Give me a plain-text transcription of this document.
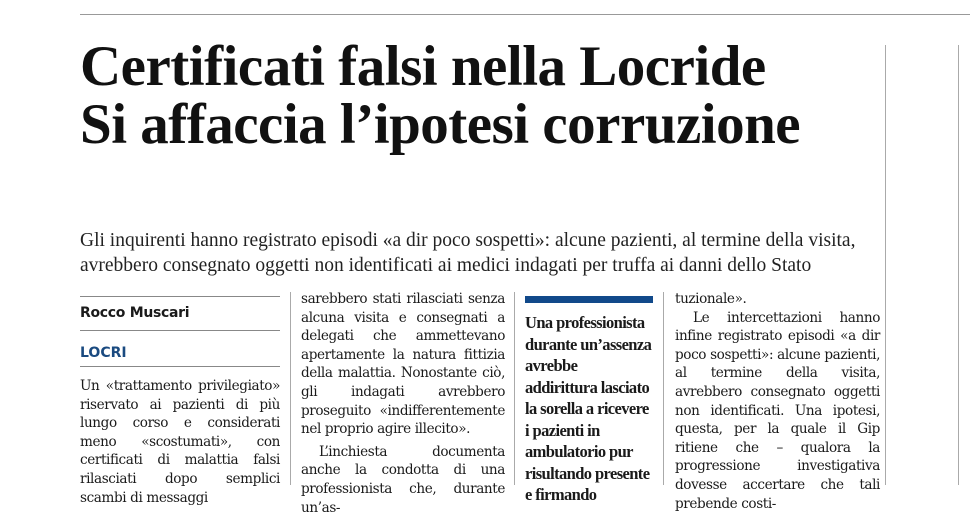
Certificati falsi nella Locride
Si affaccia l’ipotesi corruzione
Gli inquirenti hanno registrato episodi «a dir poco sospetti»: alcune pazienti, al termine della visita, avrebbero consegnato oggetti non identificati ai medici indagati per truffa ai danni dello Stato
Rocco Muscari
LOCRI

Un «trattamento privilegiato» riservato ai pazienti di più lungo corso e considerati meno «scostumati», con certificati di malattia falsi rilasciati dopo semplici scambi di messaggi

sarebbero stati rilasciati senza alcuna visita e consegnati a delegati che ammettevano apertamente la natura fittizia della malattia. Nonostante ciò, gli indagati avrebbero proseguito «indifferentemente nel proprio agire illecito».

L’inchiesta documenta anche la condotta di una professionista che, durante un’as-

Una professionista durante un’assenza avrebbe addirittura lasciato la sorella a ricevere i pazienti in ambulatorio pur risultando presente e firmando

tuzionale».

Le intercettazioni hanno infine registrato episodi «a dir poco sospetti»: alcune pazienti, al termine della visita, avrebbero consegnato oggetti non identificati. Una ipotesi, questa, per la quale il Gip ritiene che – qualora la progressione investigativa dovesse accertare che tali prebende costi-
